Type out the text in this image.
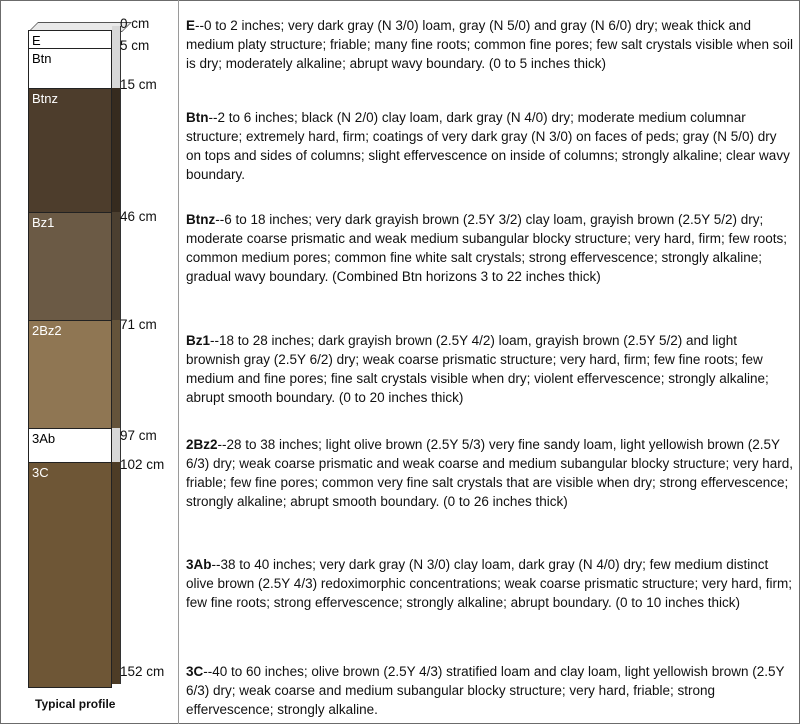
E
Btn
Btnz
Bz1
2Bz2
3Ab
3C
0 cm
5 cm
15 cm
46 cm
71 cm
97 cm
102 cm
152 cm
Typical profile
E--0 to 2 inches; very dark gray (N 3/0) loam, gray (N 5/0) and gray (N 6/0) dry; weak thick and medium platy structure; friable; many fine roots; common fine pores; few salt crystals visible when soil is dry; moderately alkaline; abrupt wavy boundary. (0 to 5 inches thick)
Btn--2 to 6 inches; black (N 2/0) clay loam, dark gray (N 4/0) dry; moderate medium columnar structure; extremely hard, firm; coatings of very dark gray (N 3/0) on faces of peds; gray (N 5/0) dry on tops and sides of columns; slight effervescence on inside of columns; strongly alkaline; clear wavy boundary.
Btnz--6 to 18 inches; very dark grayish brown (2.5Y 3/2) clay loam, grayish brown (2.5Y 5/2) dry; moderate coarse prismatic and weak medium subangular blocky structure; very hard, firm; few roots; common medium pores; common fine white salt crystals; strong effervescence; strongly alkaline; gradual wavy boundary. (Combined Btn horizons 3 to 22 inches thick)
Bz1--18 to 28 inches; dark grayish brown (2.5Y 4/2) loam, grayish brown (2.5Y 5/2) and light brownish gray (2.5Y 6/2) dry; weak coarse prismatic structure; very hard, firm; few fine roots; few medium and fine pores; fine salt crystals visible when dry; violent effervescence; strongly alkaline; abrupt smooth boundary. (0 to 20 inches thick)
2Bz2--28 to 38 inches; light olive brown (2.5Y 5/3) very fine sandy loam, light yellowish brown (2.5Y 6/3) dry; weak coarse prismatic and weak coarse and medium subangular blocky structure; very hard, friable; few fine pores; common very fine salt crystals that are visible when dry; strong effervescence; strongly alkaline; abrupt smooth boundary. (0 to 26 inches thick)
3Ab--38 to 40 inches; very dark gray (N 3/0) clay loam, dark gray (N 4/0) dry; few medium distinct olive brown (2.5Y 4/3) redoximorphic concentrations; weak coarse prismatic structure; very hard, firm; few fine roots; strong effervescence; strongly alkaline; abrupt boundary. (0 to 10 inches thick)
3C--40 to 60 inches; olive brown (2.5Y 4/3) stratified loam and clay loam, light yellowish brown (2.5Y 6/3) dry; weak coarse and medium subangular blocky structure; very hard, friable; strong effervescence; strongly alkaline.
